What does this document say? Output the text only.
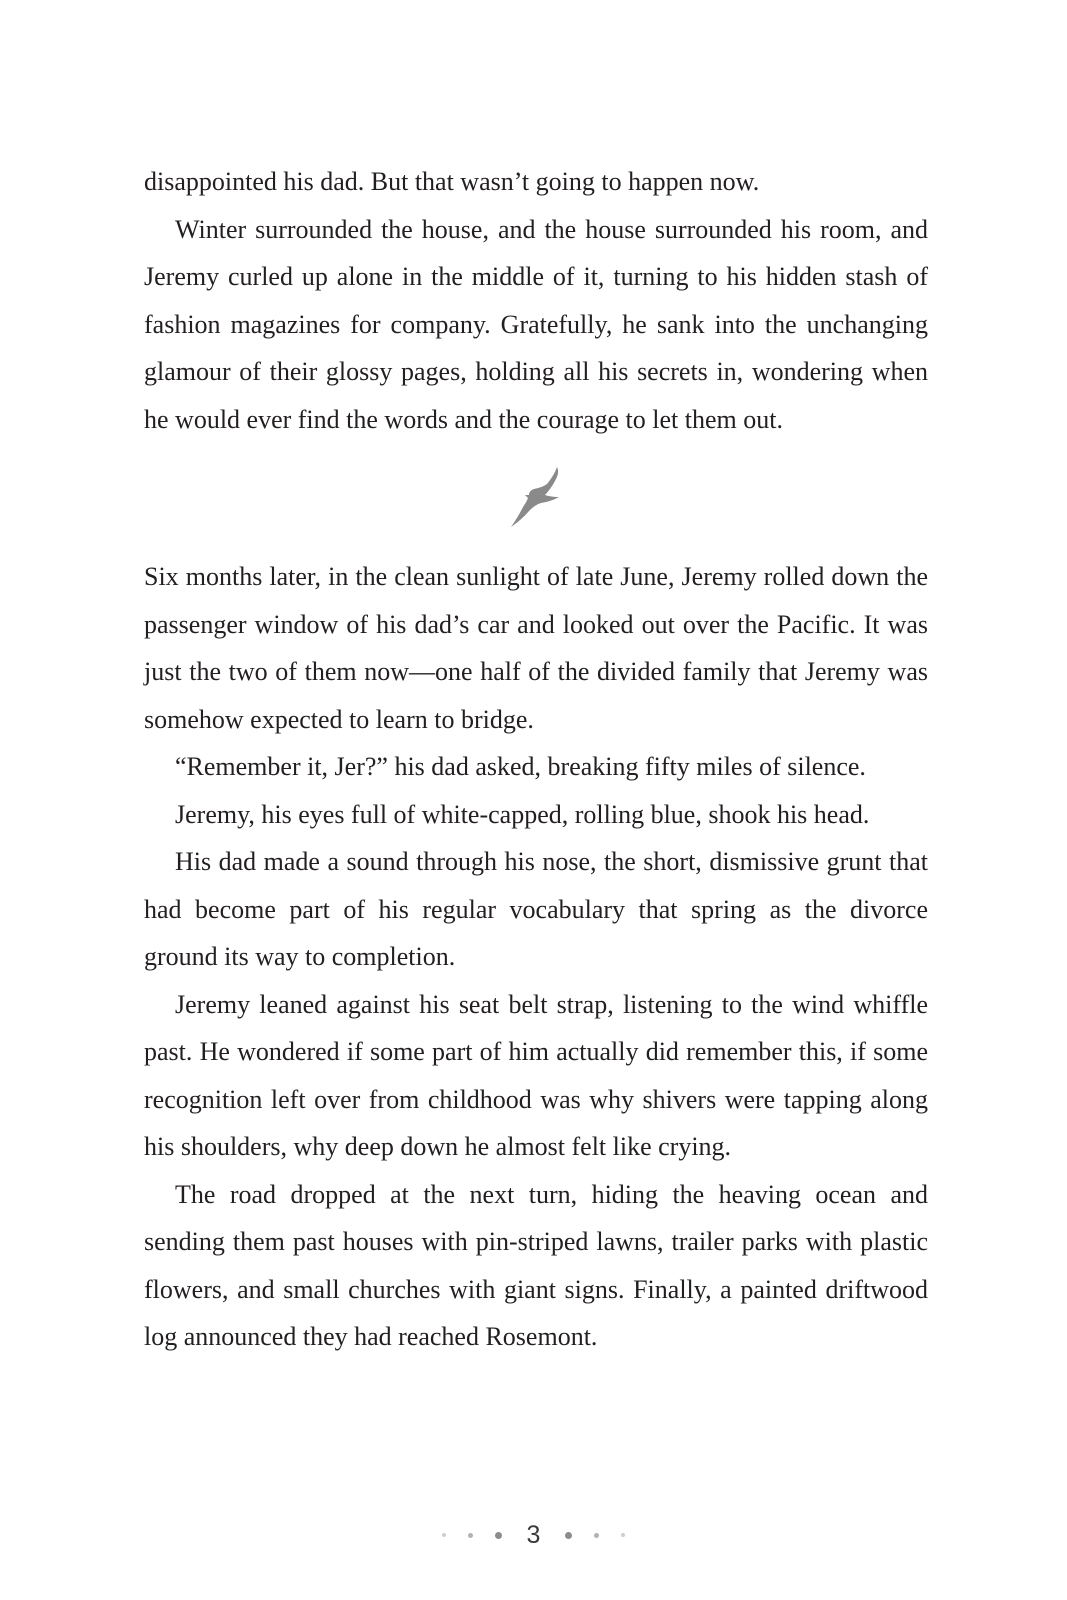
disappointed his dad. But that wasn’t going to happen now.

Winter surrounded the house, and the house surrounded his room, and Jeremy curled up alone in the middle of it, turning to his hidden stash of fashion magazines for company. Gratefully, he sank into the unchanging glamour of their glossy pages, holding all his secrets in, wondering when he would ever find the words and the courage to let them out.

Six months later, in the clean sunlight of late June, Jeremy rolled down the passenger window of his dad’s car and looked out over the Pacific. It was just the two of them now—one half of the divided family that Jeremy was somehow expected to learn to bridge.

“Remember it, Jer?” his dad asked, breaking fifty miles of silence.

Jeremy, his eyes full of white-capped, rolling blue, shook his head.

His dad made a sound through his nose, the short, dismissive grunt that had become part of his regular vocabulary that spring as the divorce ground its way to completion.

Jeremy leaned against his seat belt strap, listening to the wind whiffle past. He wondered if some part of him actually did remember this, if some recognition left over from childhood was why shivers were tapping along his shoulders, why deep down he almost felt like crying.

The road dropped at the next turn, hiding the heaving ocean and sending them past houses with pin-striped lawns, trailer parks with plastic flowers, and small churches with giant signs. Finally, a painted driftwood log announced they had reached Rosemont.

3
